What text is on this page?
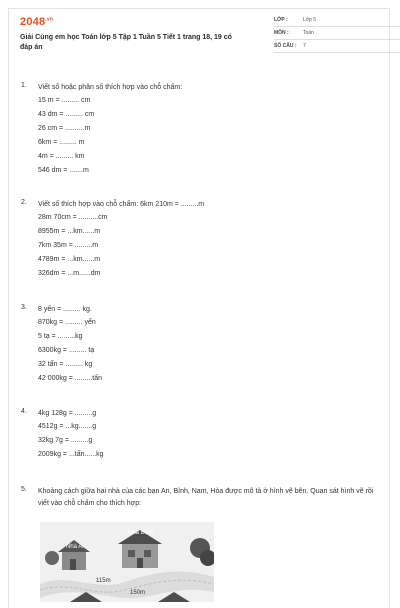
$2048^{.vn}$
Giải Cùng em học Toán lớp 5 Tập 1 Tuần 5 Tiết 1 trang 18, 19 có đáp án
LỚP :	Lớp 5
MÔN :	Toán
SỐ CÂU : 7
1. Viết số hoặc phân số thích hợp vào chỗ chấm:
15 m = ......... cm
43 dm = ......... cm
26 cm = ..........m
6km = ......... m
4m = ......... km
546 dm = .......m
2. Viết số thích hợp vào chỗ chấm: 6km 210m = .........m
28m 70cm = ..........cm
8955m = ...km......m
7km 35m = .........m
4789m = ...km......m
326dm = ...m......dm
3. 8 yến = ......... kg.
870kg = ......... yến
5 tạ = .........kg
6300kg = ......... tạ
32 tấn = ......... kg
42 000kg = .........tấn
4. 4kg 128g = .........g
4512g = ...kg.......g
32kg 7g = .........g
2009kg = ...tấn......kg
5. Khoảng cách giữa hai nhà của các bạn An, Bình, Nam, Hòa được mô tả ở hình vẽ bên. Quan sát hình vẽ rồi viết vào chỗ chấm cho thích hợp:
Nhà An
Nhà Bình
115m
150m
